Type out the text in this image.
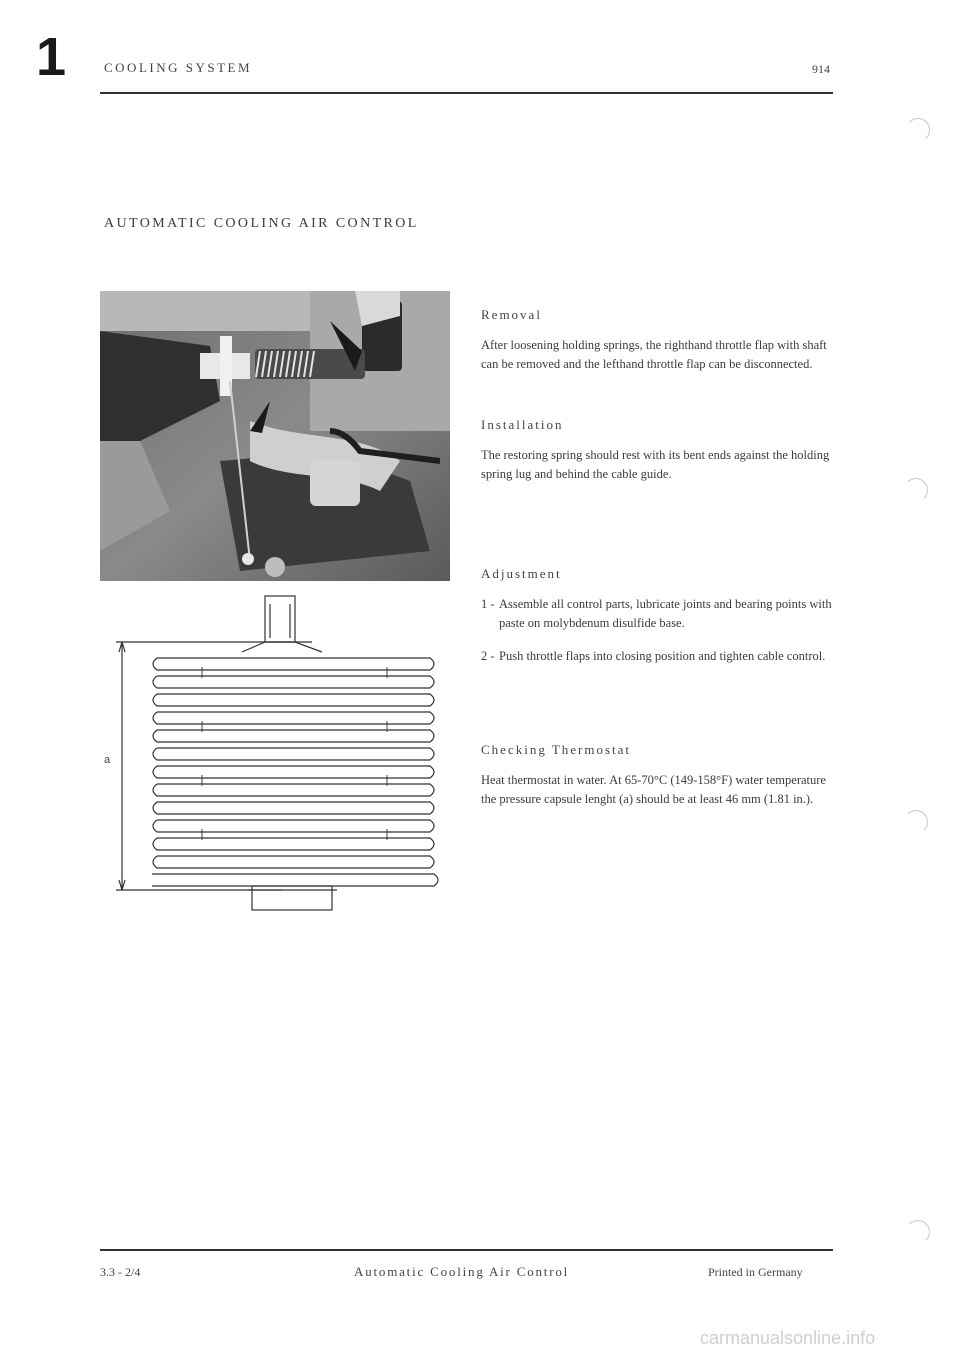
1	COOLING SYSTEM	914
AUTOMATIC COOLING AIR CONTROL
a

Removal

After loosening holding springs, the righthand throttle flap with shaft can be removed and the lefthand throttle flap can be disconnected.

Installation

The restoring spring should rest with its bent ends against the holding spring lug and behind the cable guide.

Adjustment

1 - Assemble all control parts, lubricate joints and bearing points with paste on molybdenum disulfide base.
2 - Push throttle flaps into closing position and tighten cable control.

Checking Thermostat

Heat thermostat in water. At 65-70°C (149-158°F) water temperature the pressure capsule lenght (a) should be at least 46 mm (1.81 in.).

3.3 - 2/4	Automatic Cooling Air Control	Printed in Germany
carmanualsonline.info
